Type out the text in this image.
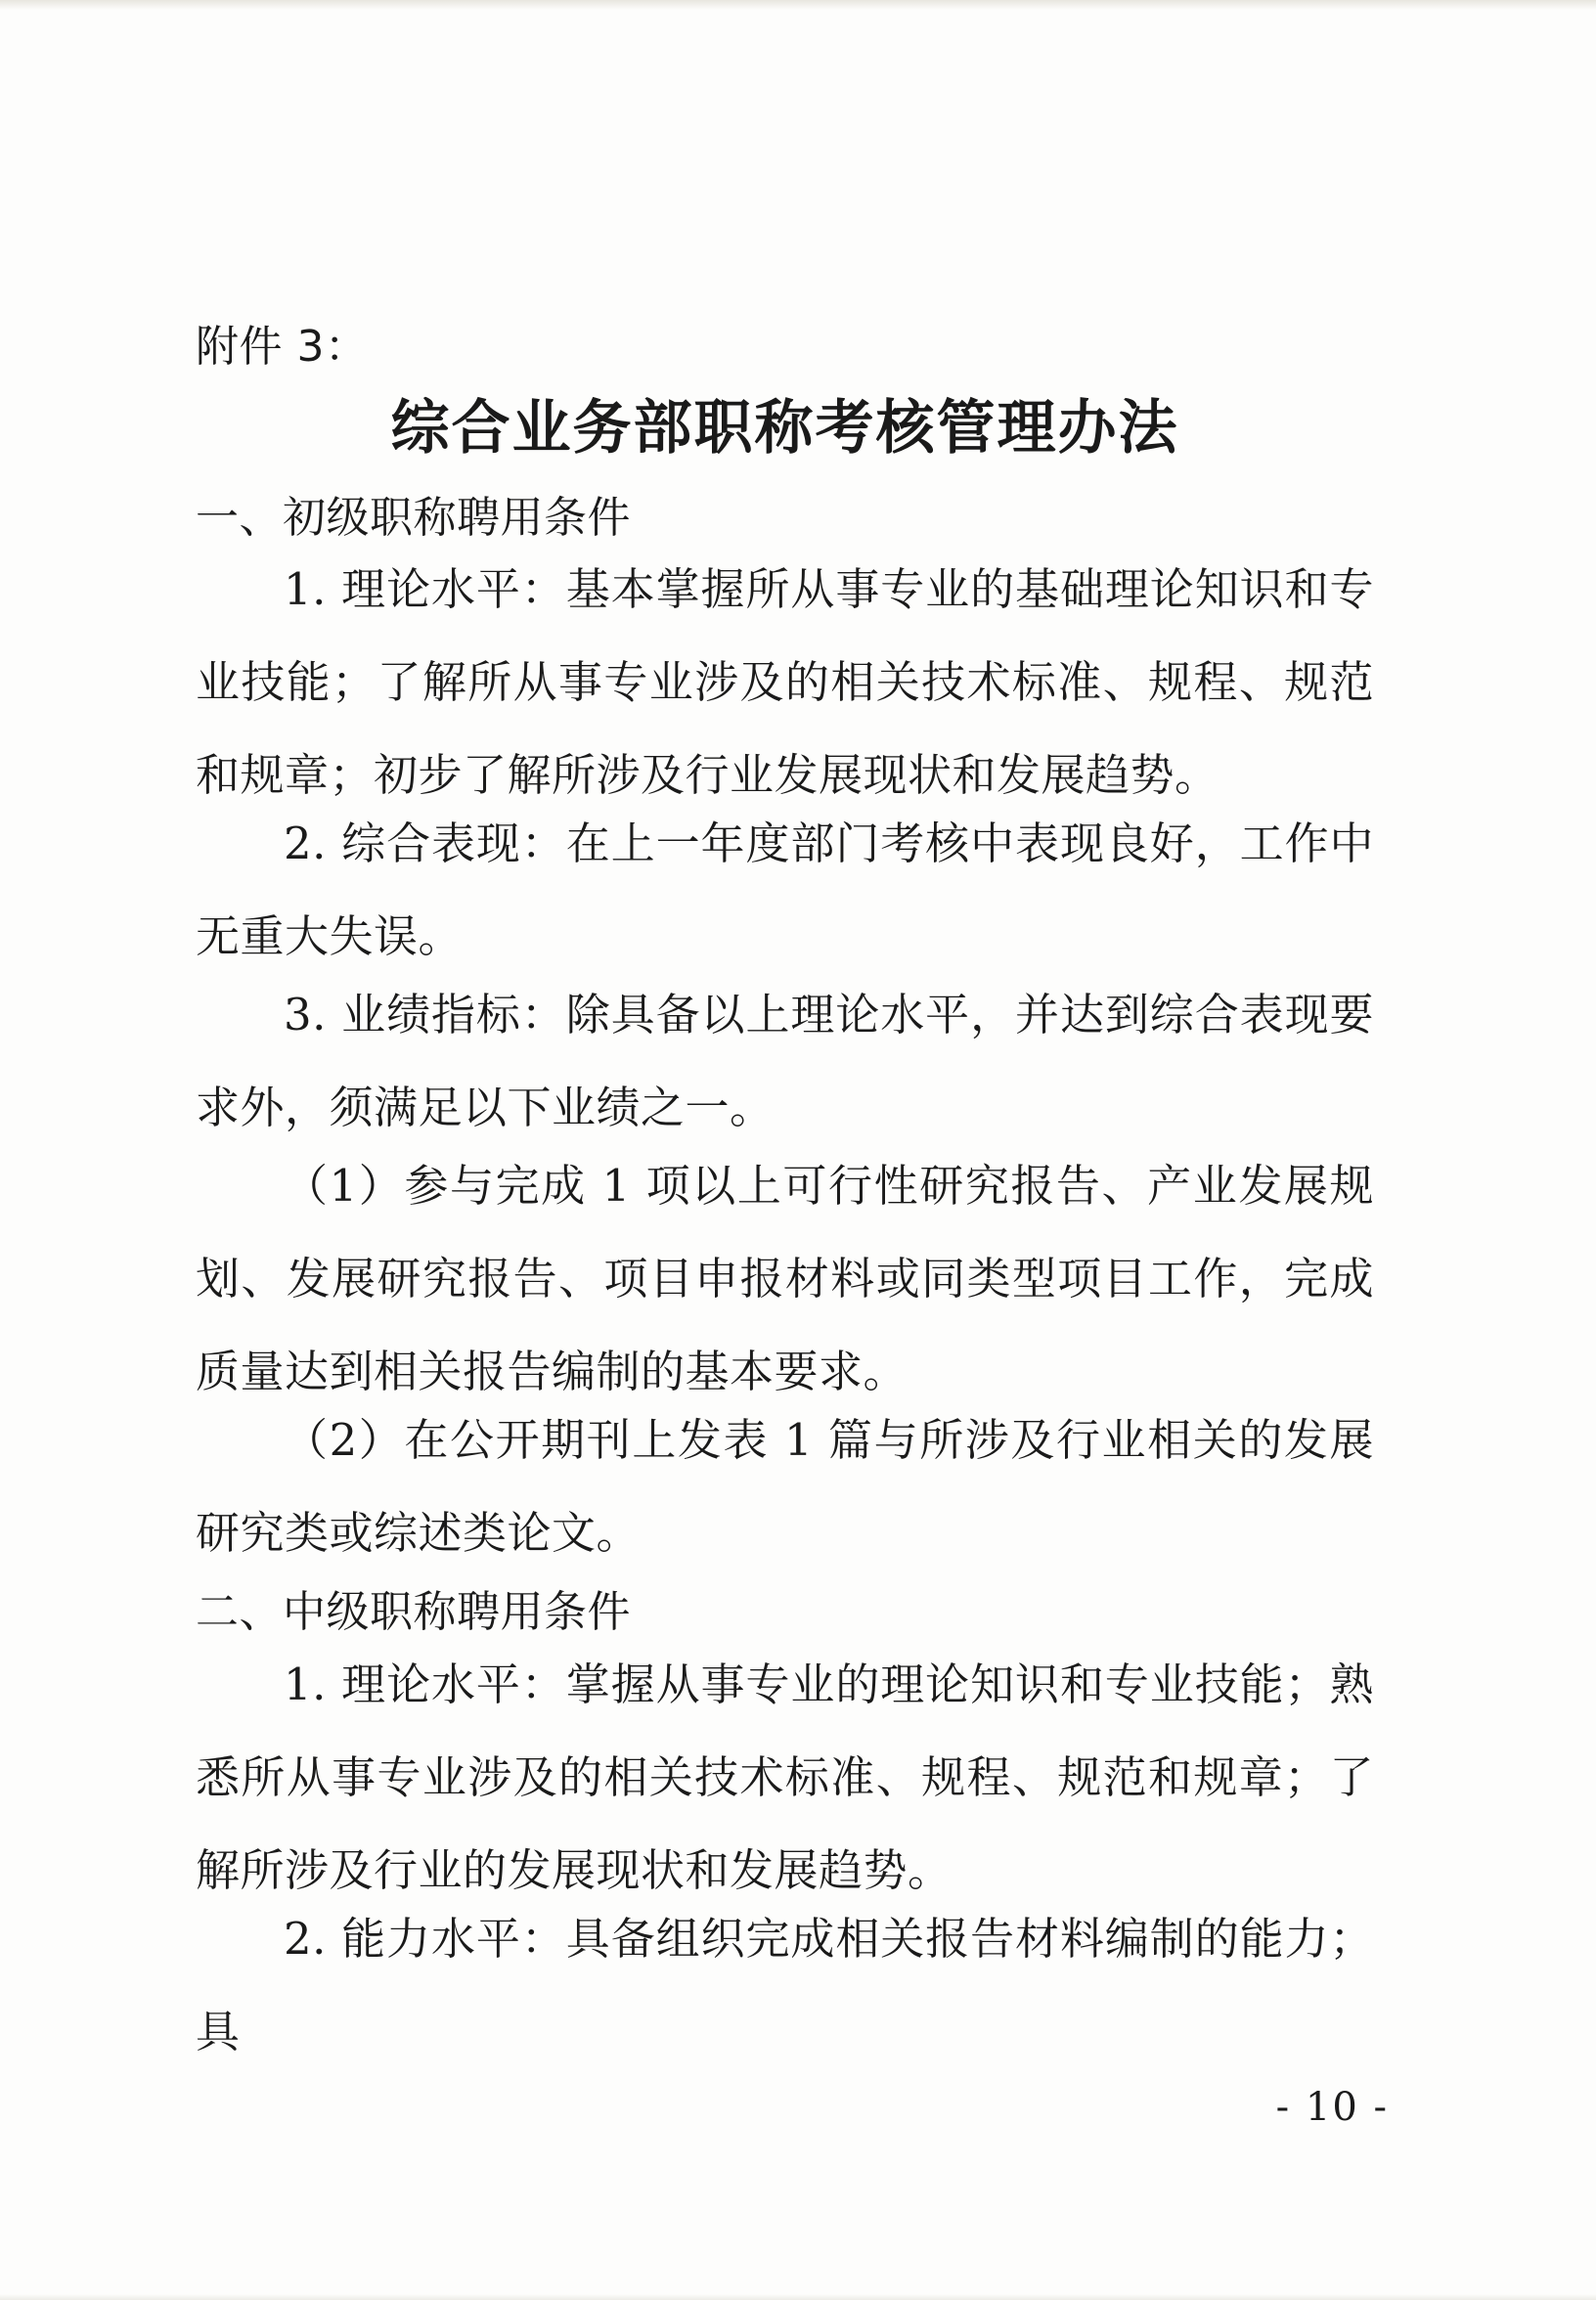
附件 3：
综合业务部职称考核管理办法
一、初级职称聘用条件
1. 理论水平：基本掌握所从事专业的基础理论知识和专业技能；了解所从事专业涉及的相关技术标准、规程、规范和规章；初步了解所涉及行业发展现状和发展趋势。
2. 综合表现：在上一年度部门考核中表现良好，工作中无重大失误。
3. 业绩指标：除具备以上理论水平，并达到综合表现要求外，须满足以下业绩之一。
（1）参与完成 1 项以上可行性研究报告、产业发展规划、发展研究报告、项目申报材料或同类型项目工作，完成质量达到相关报告编制的基本要求。
（2）在公开期刊上发表 1 篇与所涉及行业相关的发展研究类或综述类论文。
二、中级职称聘用条件
1. 理论水平：掌握从事专业的理论知识和专业技能；熟悉所从事专业涉及的相关技术标准、规程、规范和规章；了解所涉及行业的发展现状和发展趋势。
2. 能力水平：具备组织完成相关报告材料编制的能力；具
- 10 -
